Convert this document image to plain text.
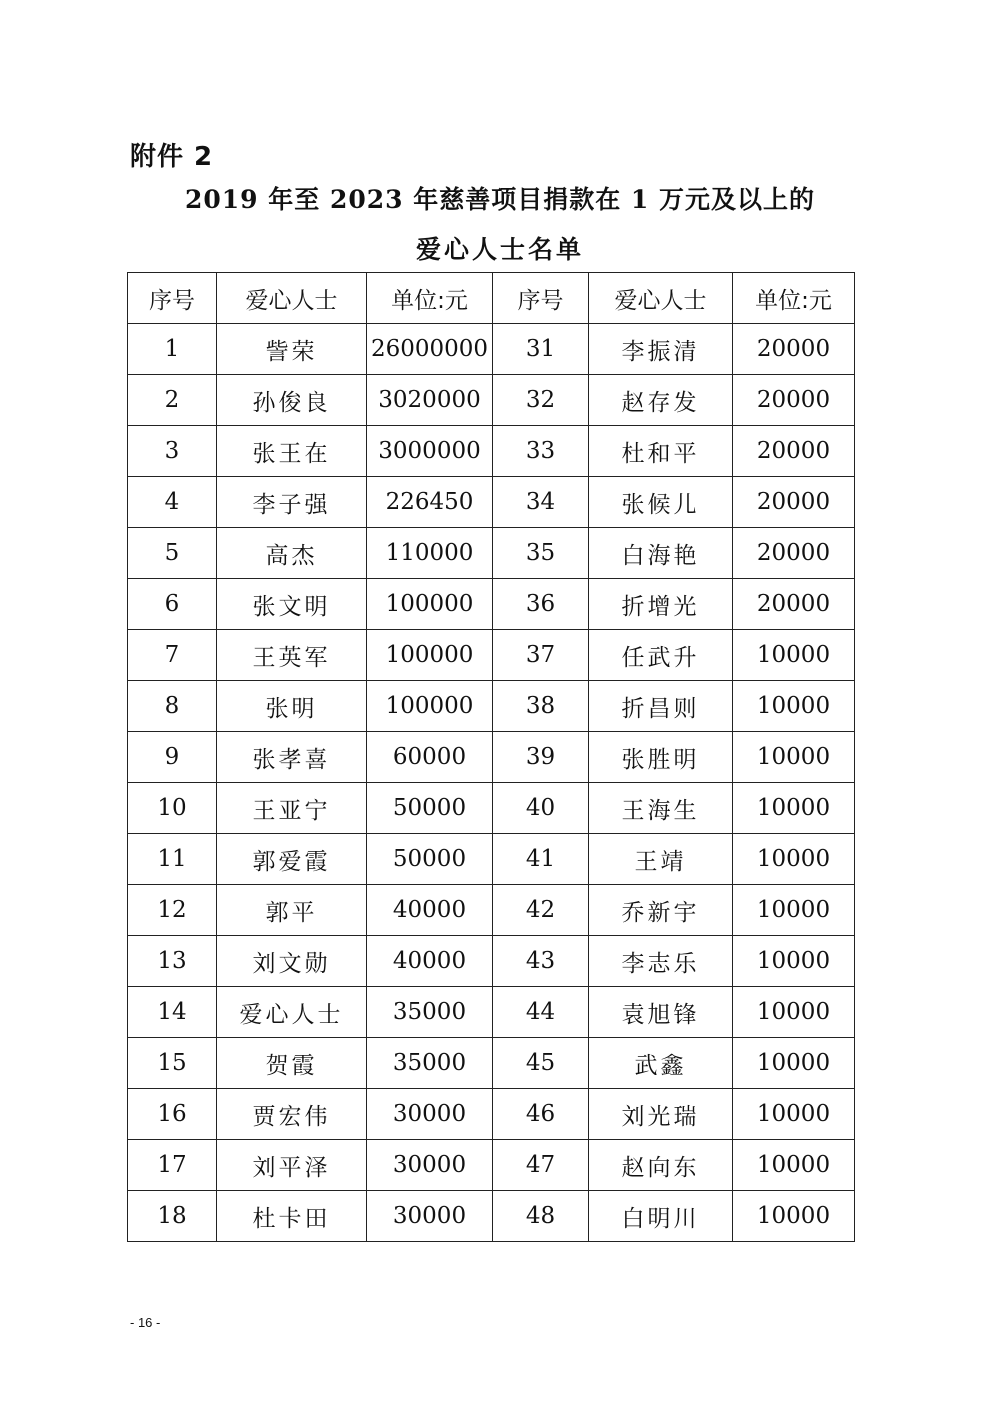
附件 2
2019 年至 2023 年慈善项目捐款在 1 万元及以上的
爱心人士名单
序号	爱心人士	单位:元	序号	爱心人士	单位:元
1	訾荣	26000000	31	李振清	20000
2	孙俊良	3020000	32	赵存发	20000
3	张王在	3000000	33	杜和平	20000
4	李子强	226450	34	张候儿	20000
5	高杰	110000	35	白海艳	20000
6	张文明	100000	36	折增光	20000
7	王英军	100000	37	任武升	10000
8	张明	100000	38	折昌则	10000
9	张孝喜	60000	39	张胜明	10000
10	王亚宁	50000	40	王海生	10000
11	郭爱霞	50000	41	王靖	10000
12	郭平	40000	42	乔新宇	10000
13	刘文勋	40000	43	李志乐	10000
14	爱心人士	35000	44	袁旭锋	10000
15	贺霞	35000	45	武鑫	10000
16	贾宏伟	30000	46	刘光瑞	10000
17	刘平泽	30000	47	赵向东	10000
18	杜卡田	30000	48	白明川	10000
- 16 -
